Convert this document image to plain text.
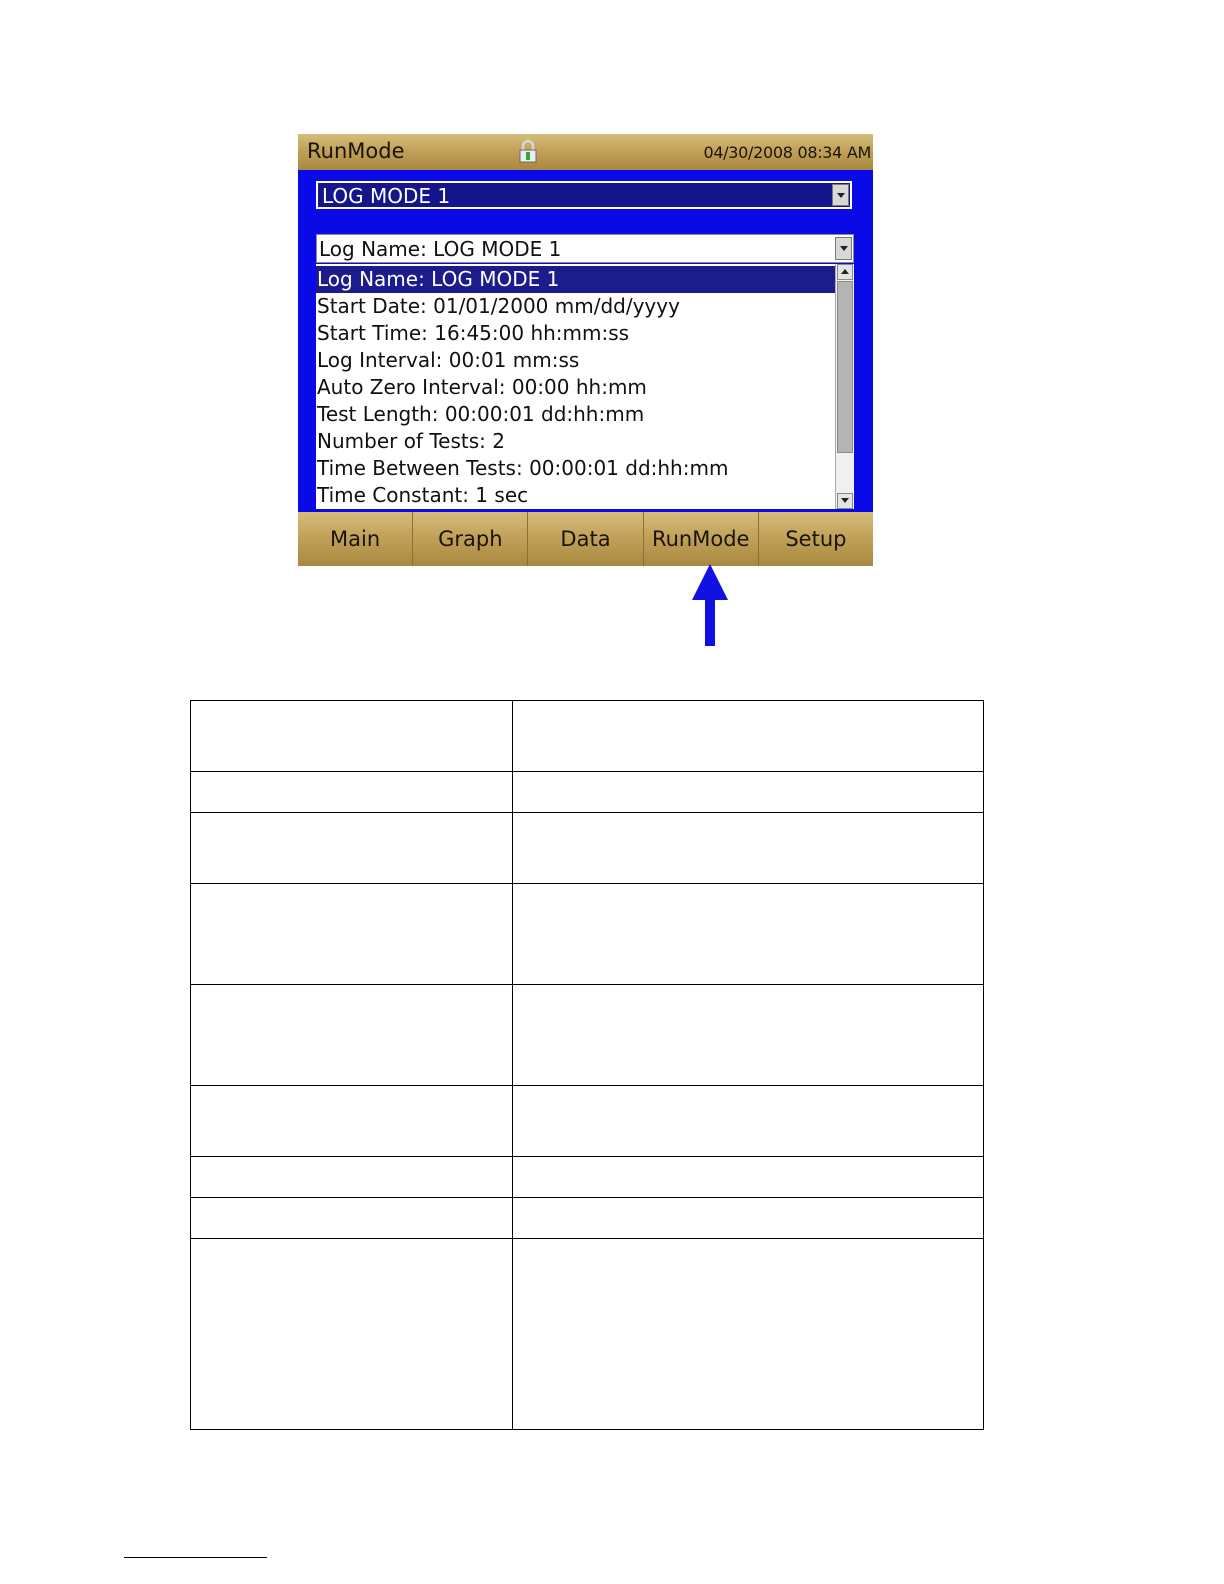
RunMode	04/30/2008 08:34 AM
LOG MODE 1
Log Name: LOG MODE 1
Log Name: LOG MODE 1
Start Date: 01/01/2000 mm/dd/yyyy
Start Time: 16:45:00 hh:mm:ss
Log Interval: 00:01 mm:ss
Auto Zero Interval: 00:00 hh:mm
Test Length: 00:00:01 dd:hh:mm
Number of Tests: 2
Time Between Tests: 00:00:01 dd:hh:mm
Time Constant: 1 sec
Main	Graph	Data	RunMode	Setup
